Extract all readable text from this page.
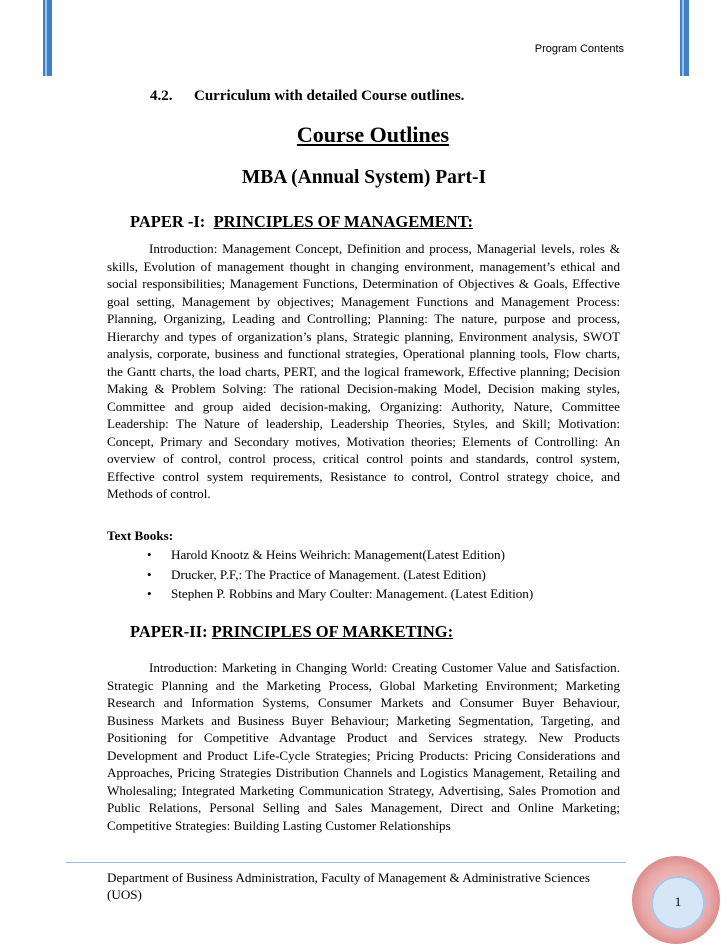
Program Contents
4.2. Curriculum with detailed Course outlines.
Course Outlines
MBA (Annual System) Part-I
PAPER -I: PRINCIPLES OF MANAGEMENT:

Introduction: Management Concept, Definition and process, Managerial levels, roles & skills, Evolution of management thought in changing environment, management’s ethical and social responsibilities; Management Functions, Determination of Objectives & Goals, Effective goal setting, Management by objectives; Management Functions and Management Process: Planning, Organizing, Leading and Controlling; Planning: The nature, purpose and process, Hierarchy and types of organization’s plans, Strategic planning, Environment analysis, SWOT analysis, corporate, business and functional strategies, Operational planning tools, Flow charts, the Gantt charts, the load charts, PERT, and the logical framework, Effective planning; Decision Making & Problem Solving: The rational Decision-making Model, Decision making styles, Committee and group aided decision-making, Organizing: Authority, Nature, Committee Leadership: The Nature of leadership, Leadership Theories, Styles, and Skill; Motivation: Concept, Primary and Secondary motives, Motivation theories; Elements of Controlling: An overview of control, control process, critical control points and standards, control system, Effective control system requirements, Resistance to control, Control strategy choice, and Methods of control.

Text Books:
• Harold Knootz & Heins Weihrich: Management(Latest Edition)
• Drucker, P.F,: The Practice of Management. (Latest Edition)
• Stephen P. Robbins and Mary Coulter: Management. (Latest Edition)
PAPER-II: PRINCIPLES OF MARKETING:

Introduction: Marketing in Changing World: Creating Customer Value and Satisfaction. Strategic Planning and the Marketing Process, Global Marketing Environment; Marketing Research and Information Systems, Consumer Markets and Consumer Buyer Behaviour, Business Markets and Business Buyer Behaviour; Marketing Segmentation, Targeting, and Positioning for Competitive Advantage Product and Services strategy. New Products Development and Product Life-Cycle Strategies; Pricing Products: Pricing Considerations and Approaches, Pricing Strategies Distribution Channels and Logistics Management, Retailing and Wholesaling; Integrated Marketing Communication Strategy, Advertising, Sales Promotion and Public Relations, Personal Selling and Sales Management, Direct and Online Marketing; Competitive Strategies: Building Lasting Customer Relationships

Department of Business Administration, Faculty of Management & Administrative Sciences (UOS)	1
